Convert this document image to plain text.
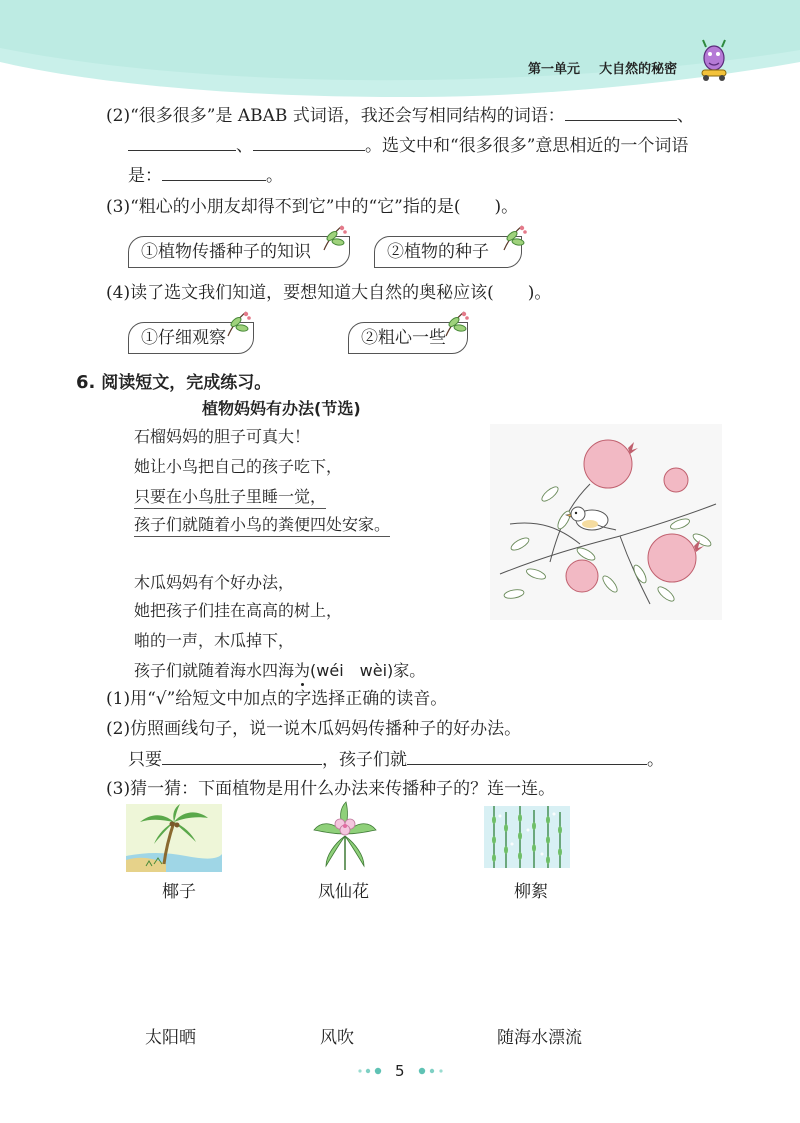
第一单元 大自然的秘密
(2)“很多很多”是 ABAB 式词语，我还会写相同结构的词语：	、
、	。选文中和“很多很多”意思相近的一个词语
是：	。
(3)“粗心的小朋友却得不到它”中的“它”指的是(　　)。
①植物传播种子的知识	②植物的种子
(4)读了选文我们知道，要想知道大自然的奥秘应该(　　)。
①仔细观察	②粗心一些
6. 阅读短文，完成练习。
植物妈妈有办法(节选)
石榴妈妈的胆子可真大！
她让小鸟把自己的孩子吃下，
只要在小鸟肚子里睡一觉，
孩子们就随着小鸟的粪便四处安家。
木瓜妈妈有个好办法，
她把孩子们挂在高高的树上，
啪的一声，木瓜掉下，
孩子们就随着海水四海为(wéi　wèi)家。
(1)用“√”给短文中加点的字选择正确的读音。
(2)仿照画线句子，说一说木瓜妈妈传播种子的好办法。
只要	，孩子们就	。
(3)猜一猜：下面植物是用什么办法来传播种子的？连一连。
椰子	凤仙花	柳絮
太阳晒	风吹	随海水漂流
5
